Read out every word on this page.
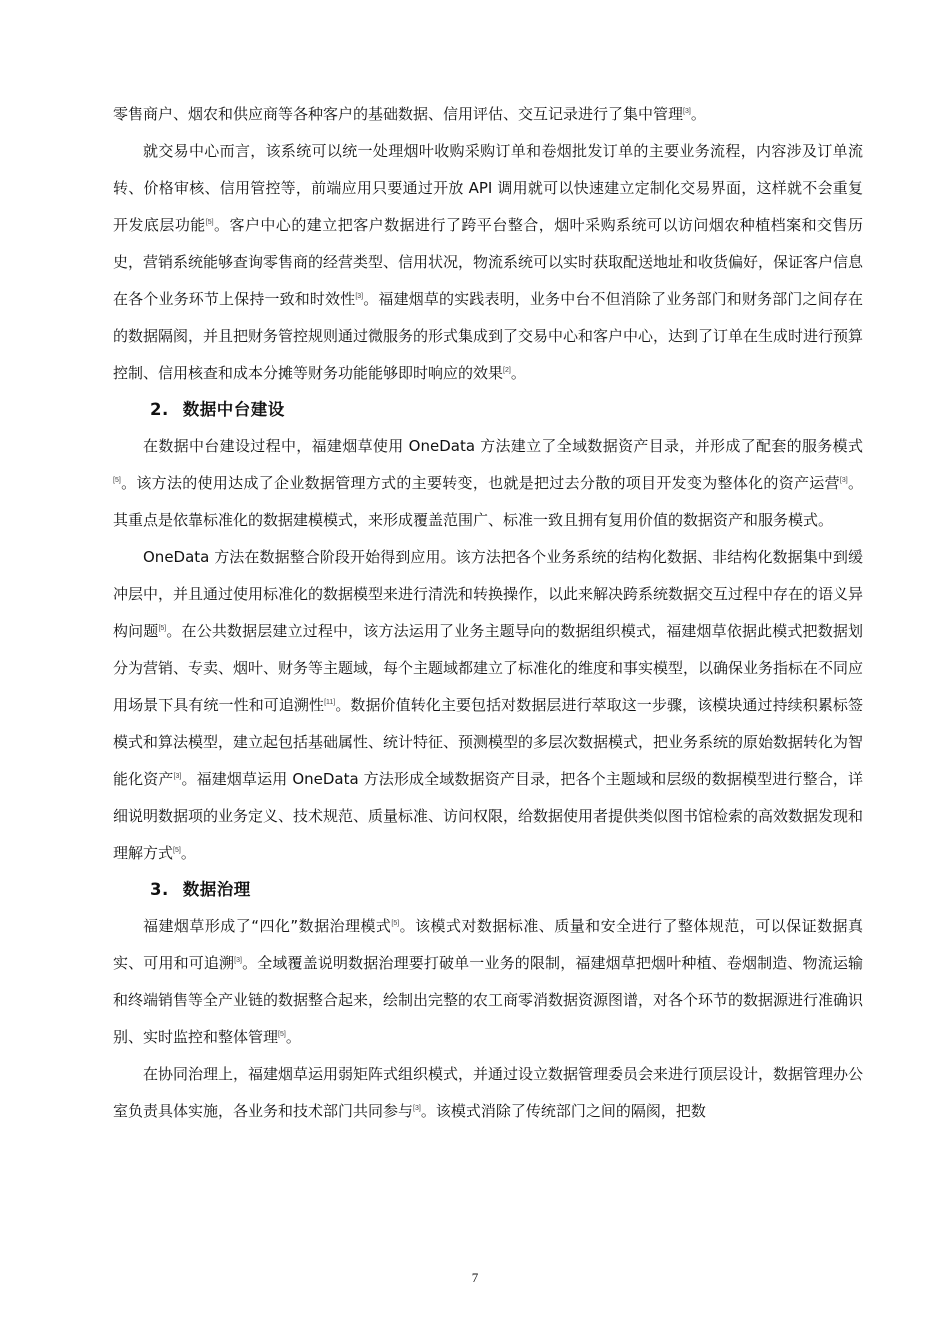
零售商户、烟农和供应商等各种客户的基础数据、信用评估、交互记录进行了集中管理[3]。

就交易中心而言，该系统可以统一处理烟叶收购采购订单和卷烟批发订单的主要业务流程，内容涉及订单流转、价格审核、信用管控等，前端应用只要通过开放 API 调用就可以快速建立定制化交易界面，这样就不会重复开发底层功能[5]。客户中心的建立把客户数据进行了跨平台整合，烟叶采购系统可以访问烟农种植档案和交售历史，营销系统能够查询零售商的经营类型、信用状况，物流系统可以实时获取配送地址和收货偏好，保证客户信息在各个业务环节上保持一致和时效性[3]。福建烟草的实践表明，业务中台不但消除了业务部门和财务部门之间存在的数据隔阂，并且把财务管控规则通过微服务的形式集成到了交易中心和客户中心，达到了订单在生成时进行预算控制、信用核查和成本分摊等财务功能能够即时响应的效果[2]。

2. 数据中台建设

在数据中台建设过程中，福建烟草使用 OneData 方法建立了全域数据资产目录，并形成了配套的服务模式[5]。该方法的使用达成了企业数据管理方式的主要转变，也就是把过去分散的项目开发变为整体化的资产运营[3]。其重点是依靠标准化的数据建模模式，来形成覆盖范围广、标准一致且拥有复用价值的数据资产和服务模式。

OneData 方法在数据整合阶段开始得到应用。该方法把各个业务系统的结构化数据、非结构化数据集中到缓冲层中，并且通过使用标准化的数据模型来进行清洗和转换操作，以此来解决跨系统数据交互过程中存在的语义异构问题[5]。在公共数据层建立过程中，该方法运用了业务主题导向的数据组织模式，福建烟草依据此模式把数据划分为营销、专卖、烟叶、财务等主题域，每个主题域都建立了标准化的维度和事实模型，以确保业务指标在不同应用场景下具有统一性和可追溯性[11]。数据价值转化主要包括对数据层进行萃取这一步骤，该模块通过持续积累标签模式和算法模型，建立起包括基础属性、统计特征、预测模型的多层次数据模式，把业务系统的原始数据转化为智能化资产[3]。福建烟草运用 OneData 方法形成全域数据资产目录，把各个主题域和层级的数据模型进行整合，详细说明数据项的业务定义、技术规范、质量标准、访问权限，给数据使用者提供类似图书馆检索的高效数据发现和理解方式[5]。

3. 数据治理

福建烟草形成了“四化”数据治理模式[5]。该模式对数据标准、质量和安全进行了整体规范，可以保证数据真实、可用和可追溯[3]。全域覆盖说明数据治理要打破单一业务的限制，福建烟草把烟叶种植、卷烟制造、物流运输和终端销售等全产业链的数据整合起来，绘制出完整的农工商零消数据资源图谱，对各个环节的数据源进行准确识别、实时监控和整体管理[5]。

在协同治理上，福建烟草运用弱矩阵式组织模式，并通过设立数据管理委员会来进行顶层设计，数据管理办公室负责具体实施，各业务和技术部门共同参与[3]。该模式消除了传统部门之间的隔阂，把数

7
